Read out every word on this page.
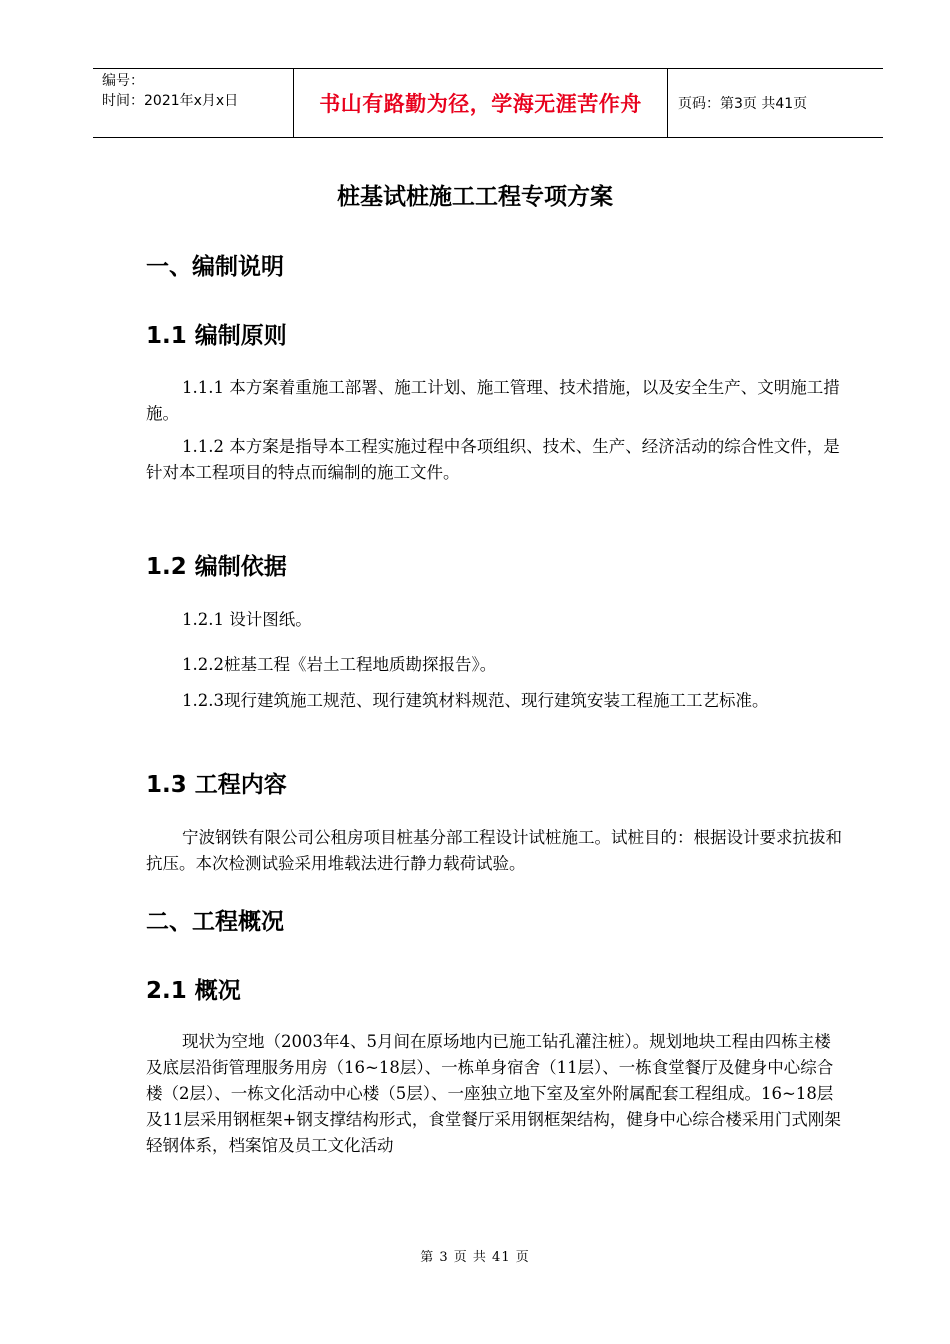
编号：
时间：2021年x月x日	书山有路勤为径，学海无涯苦作舟	页码：第3页 共41页
桩基试桩施工工程专项方案
一、编制说明
1.1 编制原则
1.1.1 本方案着重施工部署、施工计划、施工管理、技术措施，以及安全生产、文明施工措施。
1.1.2 本方案是指导本工程实施过程中各项组织、技术、生产、经济活动的综合性文件，是针对本工程项目的特点而编制的施工文件。
1.2 编制依据
1.2.1 设计图纸。
1.2.2桩基工程《岩土工程地质勘探报告》。
1.2.3现行建筑施工规范、现行建筑材料规范、现行建筑安装工程施工工艺标准。
1.3 工程内容
宁波钢铁有限公司公租房项目桩基分部工程设计试桩施工。试桩目的：根据设计要求抗拔和抗压。本次检测试验采用堆载法进行静力载荷试验。
二、工程概况
2.1 概况
现状为空地（2003年4、5月间在原场地内已施工钻孔灌注桩）。规划地块工程由四栋主楼及底层沿街管理服务用房（16~18层）、一栋单身宿舍（11层）、一栋食堂餐厅及健身中心综合楼（2层）、一栋文化活动中心楼（5层）、一座独立地下室及室外附属配套工程组成。16~18层及11层采用钢框架+钢支撑结构形式，食堂餐厅采用钢框架结构，健身中心综合楼采用门式刚架轻钢体系，档案馆及员工文化活动
第 3 页 共 41 页
